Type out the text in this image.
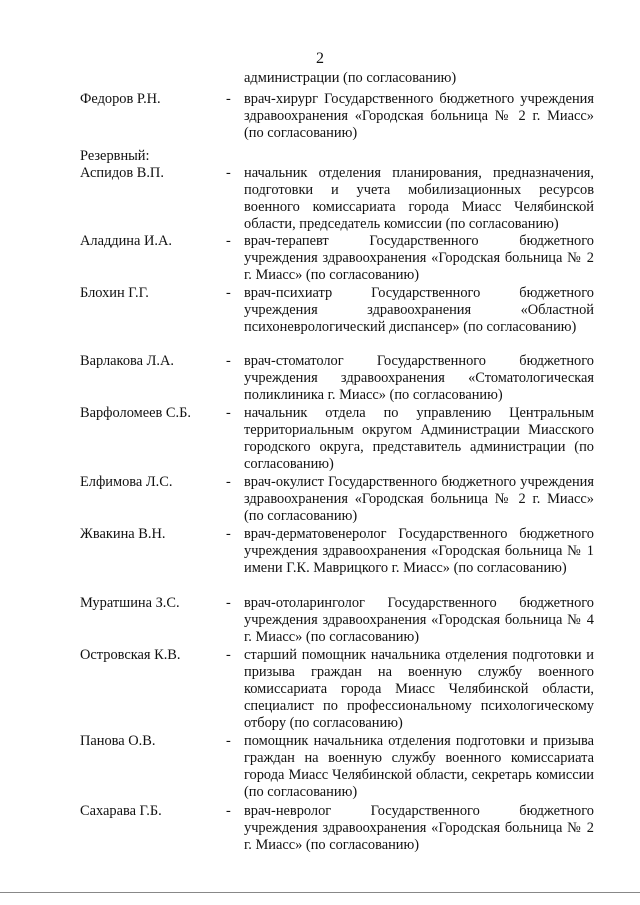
2
администрации (по согласованию)
Резервный:
Федоров Р.Н.	- врач-хирург Государственного бюджетного учреждения здравоохранения «Городская больница № 2 г. Миасс» (по согласованию)
Аспидов В.П.	- начальник отделения планирования, предназначения, подготовки и учета мобилизационных ресурсов военного комиссариата города Миасс Челябинской области, председатель комиссии (по согласованию)
Аладдина И.А.	- врач-терапевт Государственного бюджетного учреждения здравоохранения «Городская больница № 2 г. Миасс» (по согласованию)
Блохин Г.Г.	- врач-психиатр Государственного бюджетного учреждения здравоохранения «Областной психоневрологический диспансер» (по согласованию)
Варлакова Л.А.	- врач-стоматолог Государственного бюджетного учреждения здравоохранения «Стоматологическая поликлиника г. Миасс» (по согласованию)
Варфоломеев С.Б. - начальник отдела по управлению Центральным территориальным округом Администрации Миасского городского округа, представитель администрации (по согласованию)
Елфимова Л.С.	- врач-окулист Государственного бюджетного учреждения здравоохранения «Городская больница № 2 г. Миасс» (по согласованию)
Жвакина В.Н.	- врач-дерматовенеролог Государственного бюджетного учреждения здравоохранения «Городская больница № 1 имени Г.К. Маврицкого г. Миасс» (по согласованию)
Муратшина З.С.	- врач-отоларинголог Государственного бюджетного учреждения здравоохранения «Городская больница № 4 г. Миасс» (по согласованию)
Островская К.В.	- старший помощник начальника отделения подготовки и призыва граждан на военную службу военного комиссариата города Миасс Челябинской области, специалист по профессиональному психологическому отбору (по согласованию)
Панова О.В.	- помощник начальника отделения подготовки и призыва граждан на военную службу военного комиссариата города Миасс Челябинской области, секретарь комиссии (по согласованию)
Сахарава Г.Б.	- врач-невролог Государственного бюджетного учреждения здравоохранения «Городская больница № 2 г. Миасс» (по согласованию)
